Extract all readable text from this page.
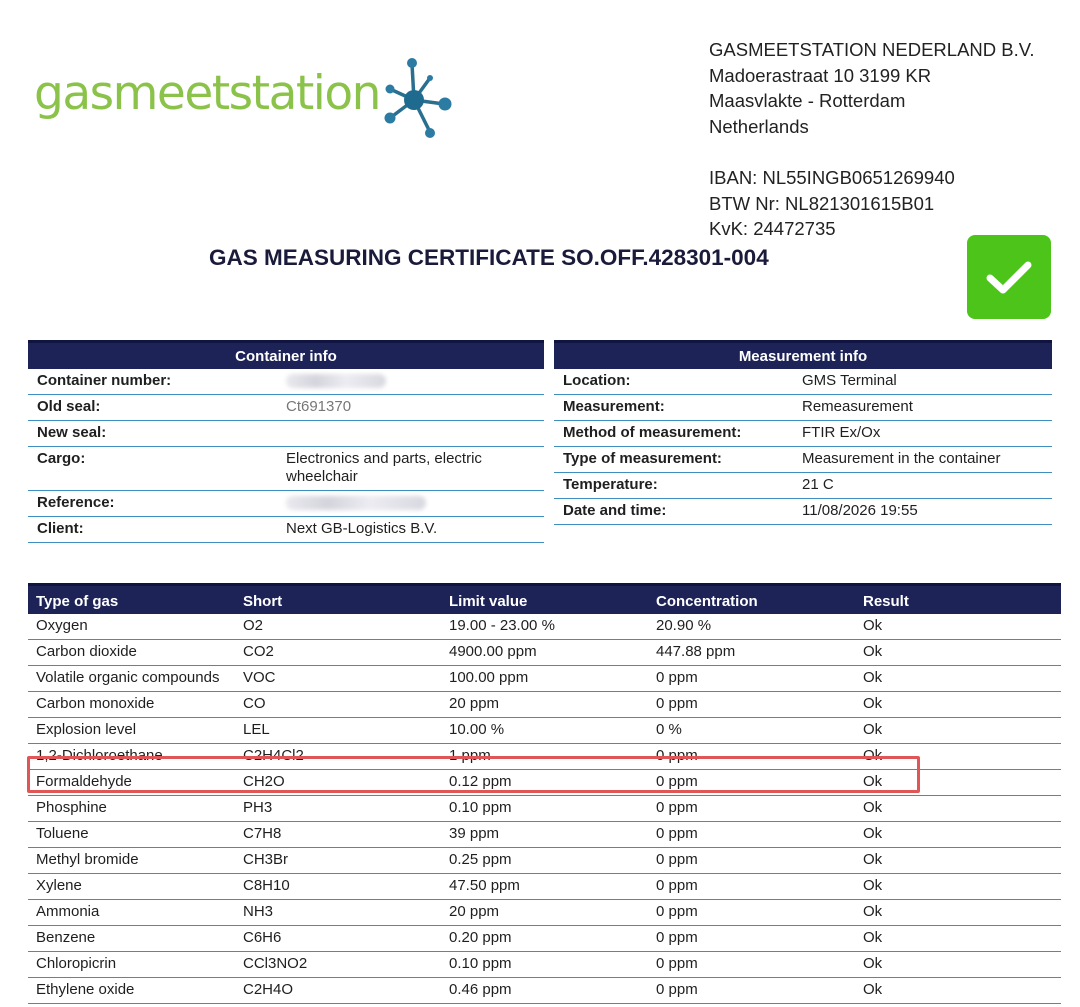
gasmeetstation
GASMEETSTATION NEDERLAND B.V.
Madoerastraat 10 3199 KR
Maasvlakte - Rotterdam
Netherlands
IBAN: NL55INGB0651269940
BTW Nr: NL821301615B01
KvK: 24472735
GAS MEASURING CERTIFICATE SO.OFF.428301-004
Container info	
Container number:	
Old seal:	Ct691370
New seal:	
Cargo:	Electronics and parts, electric wheelchair
Reference:	
Client:	Next GB-Logistics B.V.
Measurement info	
Location:	GMS Terminal
Measurement:	Remeasurement
Method of measurement:	FTIR Ex/Ox
Type of measurement:	Measurement in the container
Temperature:	21 C
Date and time:	11/08/2026 19:55
Type of gas	Short	Limit value	Concentration	Result
Oxygen	O2	19.00 - 23.00 %	20.90 %	Ok
Carbon dioxide	CO2	4900.00 ppm	447.88 ppm	Ok
Volatile organic compounds	VOC	100.00 ppm	0 ppm	Ok
Carbon monoxide	CO	20 ppm	0 ppm	Ok
Explosion level	LEL	10.00 %	0 %	Ok
1,2-Dichloroethane	C2H4Cl2	1 ppm	0 ppm	Ok
Formaldehyde	CH2O	0.12 ppm	0 ppm	Ok
Phosphine	PH3	0.10 ppm	0 ppm	Ok
Toluene	C7H8	39 ppm	0 ppm	Ok
Methyl bromide	CH3Br	0.25 ppm	0 ppm	Ok
Xylene	C8H10	47.50 ppm	0 ppm	Ok
Ammonia	NH3	20 ppm	0 ppm	Ok
Benzene	C6H6	0.20 ppm	0 ppm	Ok
Chloropicrin	CCl3NO2	0.10 ppm	0 ppm	Ok
Ethylene oxide	C2H4O	0.46 ppm	0 ppm	Ok
